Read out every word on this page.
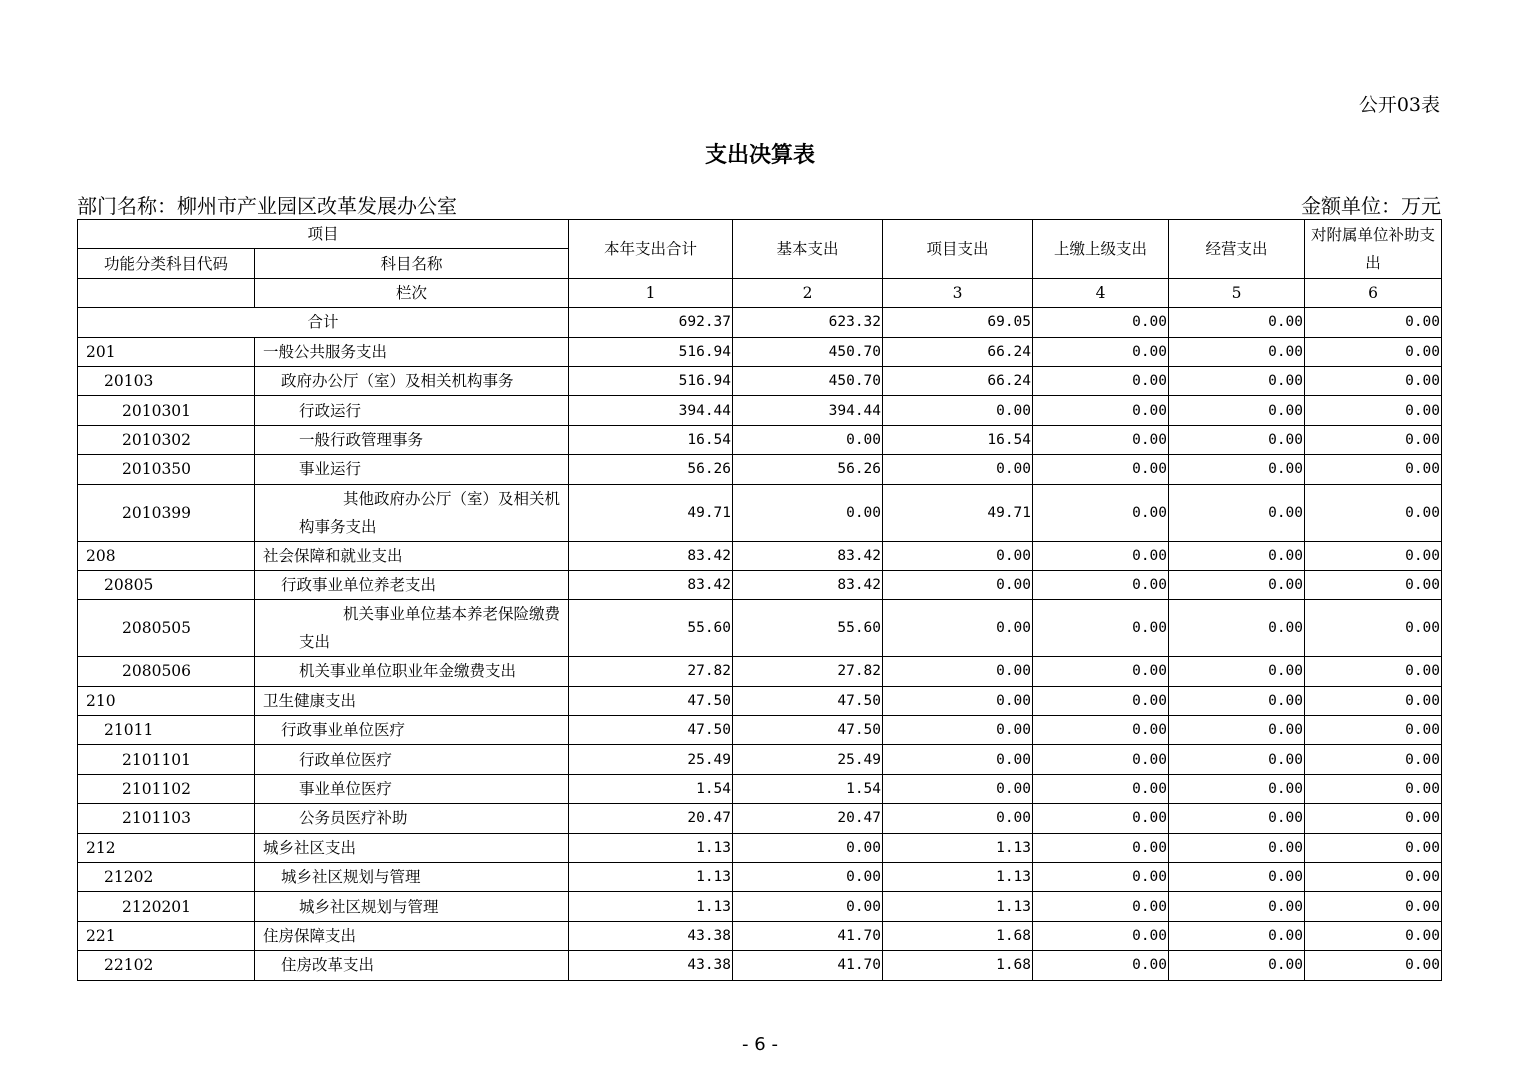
公开03表
支出决算表
部门名称：柳州市产业园区改革发展办公室	金额单位：万元
项目		本年支出合计	基本支出	项目支出	上缴上级支出	经营支出	对附属单位补助支出
功能分类科目代码	科目名称						
	栏次	1	2	3	4	5	6
合计		692.37	623.32	69.05	0.00	0.00	0.00
201	一般公共服务支出	516.94	450.70	66.24	0.00	0.00	0.00
20103	政府办公厅（室）及相关机构事务	516.94	450.70	66.24	0.00	0.00	0.00
2010301	行政运行	394.44	394.44	0.00	0.00	0.00	0.00
2010302	一般行政管理事务	16.54	0.00	16.54	0.00	0.00	0.00
2010350	事业运行	56.26	56.26	0.00	0.00	0.00	0.00
2010399	其他政府办公厅（室）及相关机构事务支出	49.71	0.00	49.71	0.00	0.00	0.00
208	社会保障和就业支出	83.42	83.42	0.00	0.00	0.00	0.00
20805	行政事业单位养老支出	83.42	83.42	0.00	0.00	0.00	0.00
2080505	机关事业单位基本养老保险缴费支出	55.60	55.60	0.00	0.00	0.00	0.00
2080506	机关事业单位职业年金缴费支出	27.82	27.82	0.00	0.00	0.00	0.00
210	卫生健康支出	47.50	47.50	0.00	0.00	0.00	0.00
21011	行政事业单位医疗	47.50	47.50	0.00	0.00	0.00	0.00
2101101	行政单位医疗	25.49	25.49	0.00	0.00	0.00	0.00
2101102	事业单位医疗	1.54	1.54	0.00	0.00	0.00	0.00
2101103	公务员医疗补助	20.47	20.47	0.00	0.00	0.00	0.00
212	城乡社区支出	1.13	0.00	1.13	0.00	0.00	0.00
21202	城乡社区规划与管理	1.13	0.00	1.13	0.00	0.00	0.00
2120201	城乡社区规划与管理	1.13	0.00	1.13	0.00	0.00	0.00
221	住房保障支出	43.38	41.70	1.68	0.00	0.00	0.00
22102	住房改革支出	43.38	41.70	1.68	0.00	0.00	0.00
- 6 -
